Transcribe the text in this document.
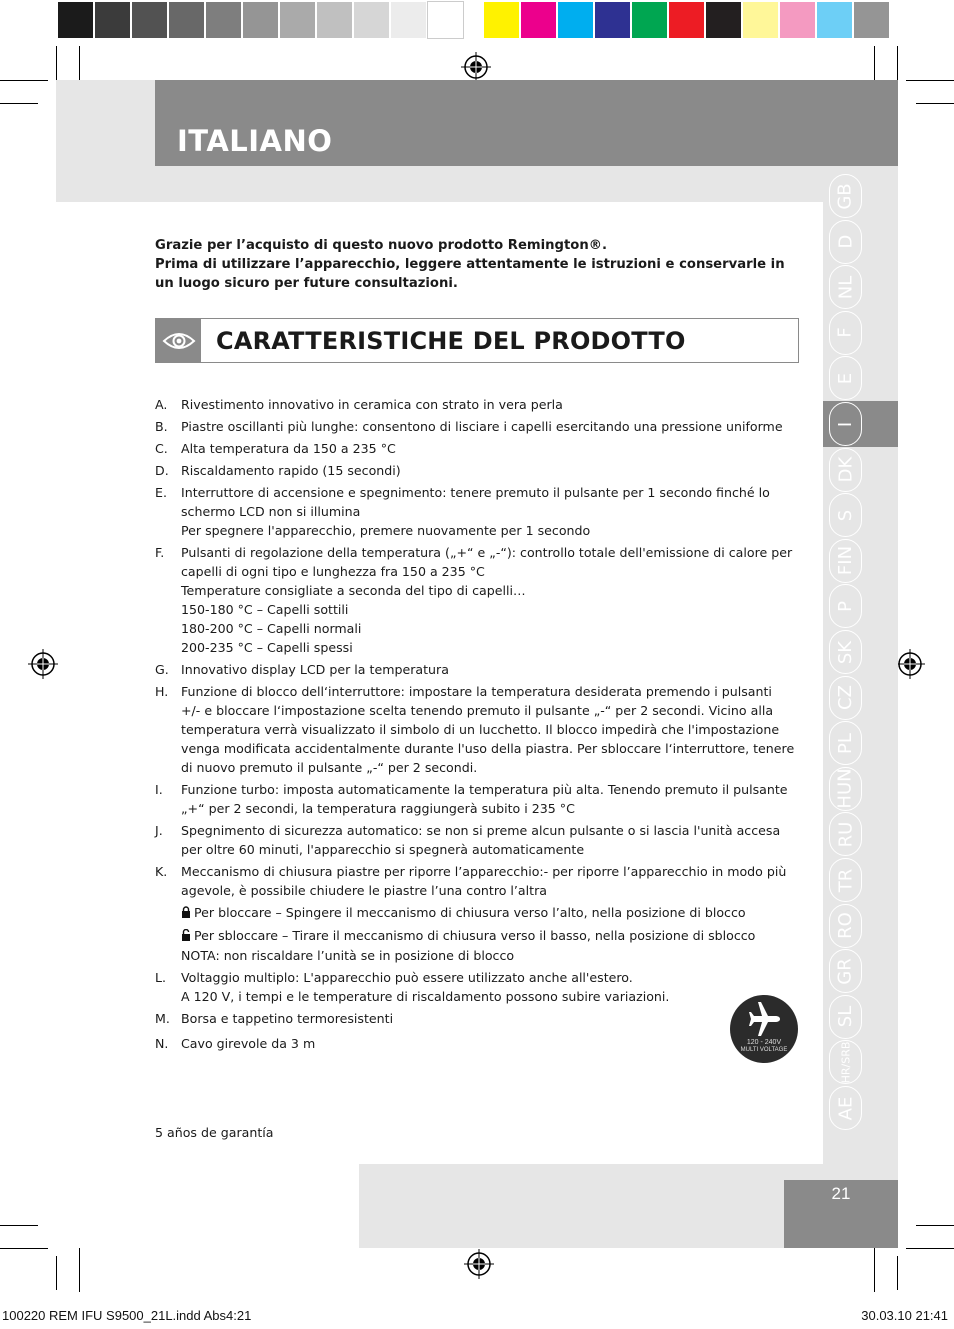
ITALIANO
GB
D
NL
F
E
I
DK
S
FIN
P
SK
CZ
PL
HUN
RU
TR
RO
GR
SL
HR/SRB
AE
Grazie per l’acquisto di questo nuovo prodotto Remington®.
Prima di utilizzare l’apparecchio, leggere attentamente le istruzioni e conservarle in un luogo sicuro per future consultazioni.
CARATTERISTICHE DEL PRODOTTO
A.	Rivestimento innovativo in ceramica con strato in vera perla
B.	Piastre oscillanti più lunghe: consentono di lisciare i capelli esercitando una pressione uniforme
C.	Alta temperatura da 150 a 235 °C
D. Riscaldamento rapido (15 secondi)
E.	Interruttore di accensione e spegnimento: tenere premuto il pulsante per 1 secondo finché lo schermo LCD non si illumina
Per spegnere l'apparecchio, premere nuovamente per 1 secondo
F.	Pulsanti di regolazione della temperatura („+“ e „-“): controllo totale dell'emissione di calore per capelli di ogni tipo e lunghezza fra 150 a 235 °C
Temperature consigliate a seconda del tipo di capelli…
150-180 °C – Capelli sottili
180-200 °C – Capelli normali
200-235 °C – Capelli spessi
G. Innovativo display LCD per la temperatura
H.	Funzione di blocco dell‘interruttore: impostare la temperatura desiderata premendo i pulsanti +/- e bloccare l‘impostazione scelta tenendo premuto il pulsante „-“ per 2 secondi. Vicino alla temperatura verrà visualizzato il simbolo di un lucchetto. Il blocco impedirà che l'impostazione venga modificata accidentalmente durante l'uso della piastra. Per sbloccare l‘interruttore, tenere di nuovo premuto il pulsante „-“ per 2 secondi.
I.	Funzione turbo: imposta automaticamente la temperatura più alta. Tenendo premuto il pulsante „+“ per 2 secondi, la temperatura raggiungerà subito i 235 °C
J.	Spegnimento di sicurezza automatico: se non si preme alcun pulsante o si lascia l'unità accesa per oltre 60 minuti, l'apparecchio si spegnerà automaticamente
K.	Meccanismo di chiusura piastre per riporre l’apparecchio:- per riporre l’apparecchio in modo più agevole, è possibile chiudere le piastre l’una contro l’altra
Per bloccare – Spingere il meccanismo di chiusura verso l’alto, nella posizione di blocco
Per sbloccare – Tirare il meccanismo di chiusura verso il basso, nella posizione di sblocco
NOTA: non riscaldare l’unità se in posizione di blocco
L.	Voltaggio multiplo: L'apparecchio può essere utilizzato anche all'estero.
A 120 V, i tempi e le temperature di riscaldamento possono subire variazioni.
M. Borsa e tappetino termoresistenti
N. Cavo girevole da 3 m	120 - 240V
MULTI VOLTAGE
5 años de garantía
21
100220 REM IFU S9500_21L.indd Abs4:21	30.03.10 21:41
